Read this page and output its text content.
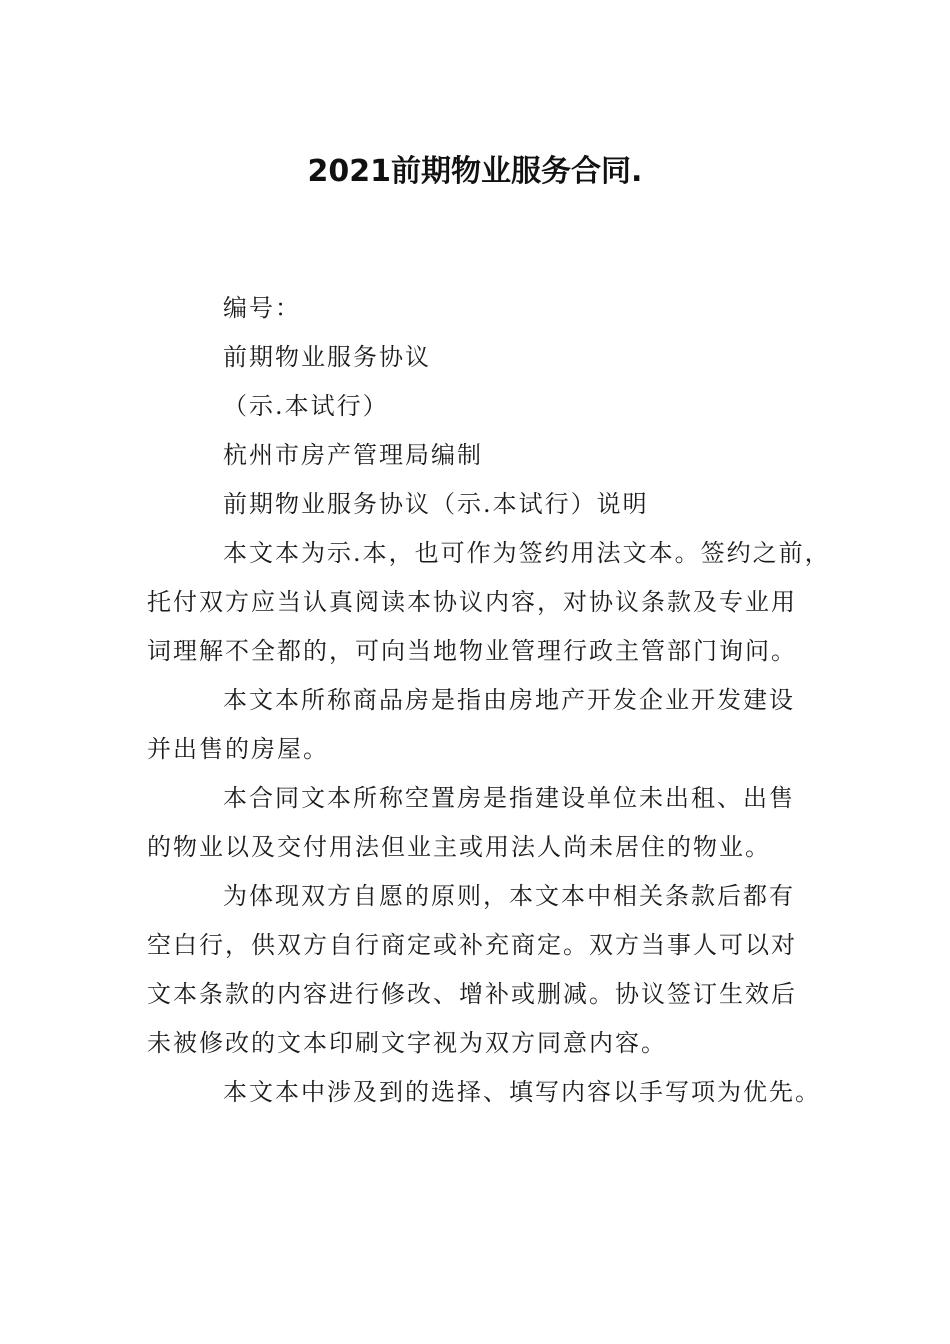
2021前期物业服务合同.

编号：

前期物业服务协议

（示.本试行）

杭州市房产管理局编制

前期物业服务协议（示.本试行）说明

本文本为示.本，也可作为签约用法文本。签约之前，

托付双方应当认真阅读本协议内容，对协议条款及专业用

词理解不全都的，可向当地物业管理行政主管部门询问。

本文本所称商品房是指由房地产开发企业开发建设

并出售的房屋。

本合同文本所称空置房是指建设单位未出租、出售

的物业以及交付用法但业主或用法人尚未居住的物业。

为体现双方自愿的原则，本文本中相关条款后都有

空白行，供双方自行商定或补充商定。双方当事人可以对

文本条款的内容进行修改、增补或删减。协议签订生效后

未被修改的文本印刷文字视为双方同意内容。

本文本中涉及到的选择、填写内容以手写项为优先。
